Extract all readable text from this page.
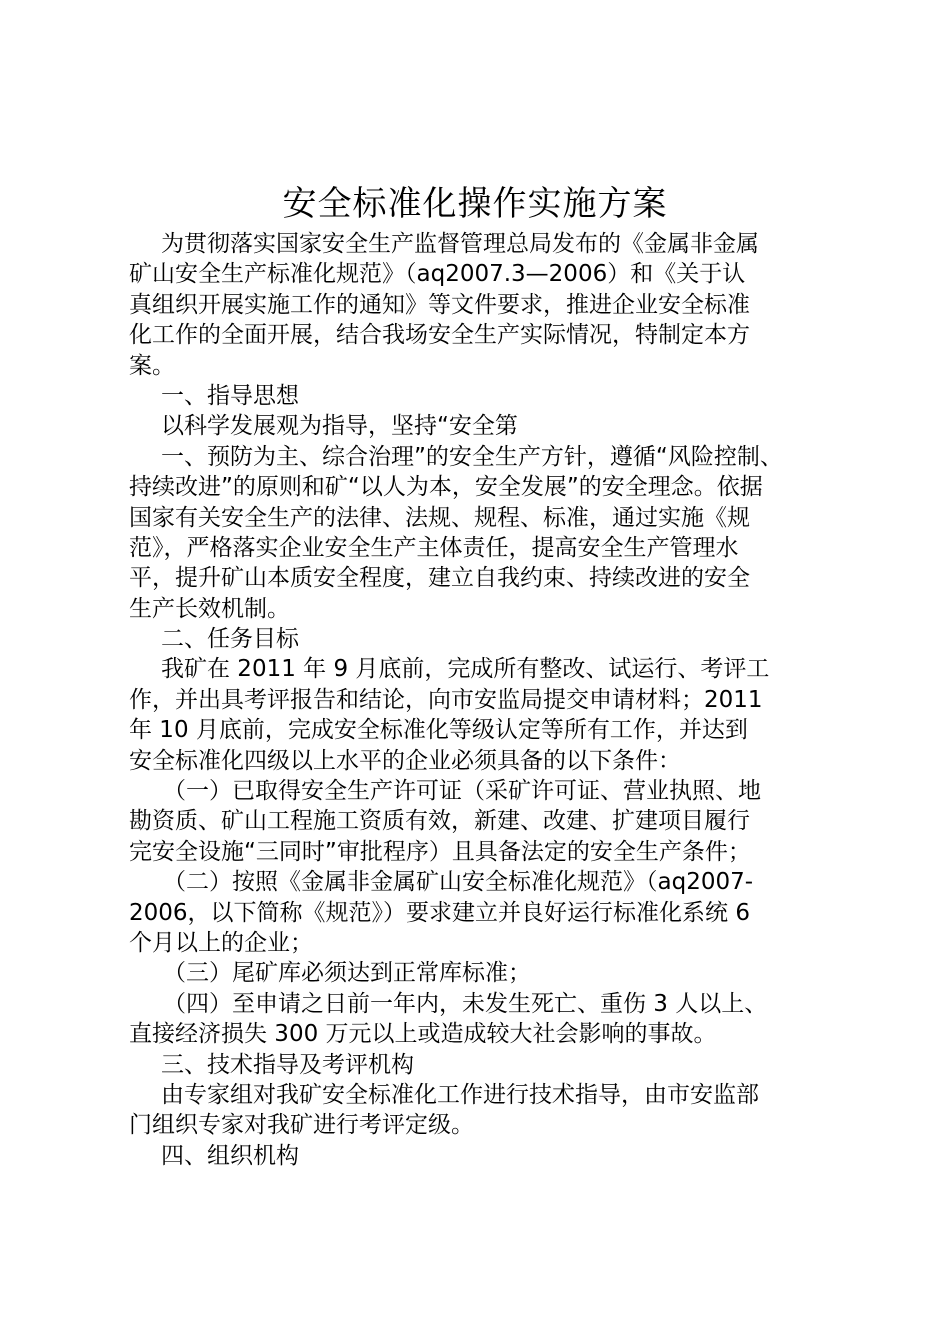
安全标准化操作实施方案
为贯彻落实国家安全生产监督管理总局发布的《金属非金属
矿山安全生产标准化规范》（aq2007.3—2006）和《关于认
真组织开展实施工作的通知》等文件要求，推进企业安全标准
化工作的全面开展，结合我场安全生产实际情况，特制定本方
案。
一、指导思想
以科学发展观为指导，坚持“安全第
一、预防为主、综合治理”的安全生产方针，遵循“风险控制、
持续改进”的原则和矿“以人为本，安全发展”的安全理念。依据
国家有关安全生产的法律、法规、规程、标准，通过实施《规
范》，严格落实企业安全生产主体责任，提高安全生产管理水
平，提升矿山本质安全程度，建立自我约束、持续改进的安全
生产长效机制。
二、任务目标
我矿在 2011 年 9 月底前，完成所有整改、试运行、考评工
作，并出具考评报告和结论，向市安监局提交申请材料；2011
年 10 月底前，完成安全标准化等级认定等所有工作，并达到
安全标准化四级以上水平的企业必须具备的以下条件：
（一）已取得安全生产许可证（采矿许可证、营业执照、地
勘资质、矿山工程施工资质有效，新建、改建、扩建项目履行
完安全设施“三同时”审批程序）且具备法定的安全生产条件；
（二）按照《金属非金属矿山安全标准化规范》（aq2007-
2006，以下简称《规范》）要求建立并良好运行标准化系统 6
个月以上的企业；
（三）尾矿库必须达到正常库标准；
（四）至申请之日前一年内，未发生死亡、重伤 3 人以上、
直接经济损失 300 万元以上或造成较大社会影响的事故。
三、技术指导及考评机构
由专家组对我矿安全标准化工作进行技术指导，由市安监部
门组织专家对我矿进行考评定级。
四、组织机构
